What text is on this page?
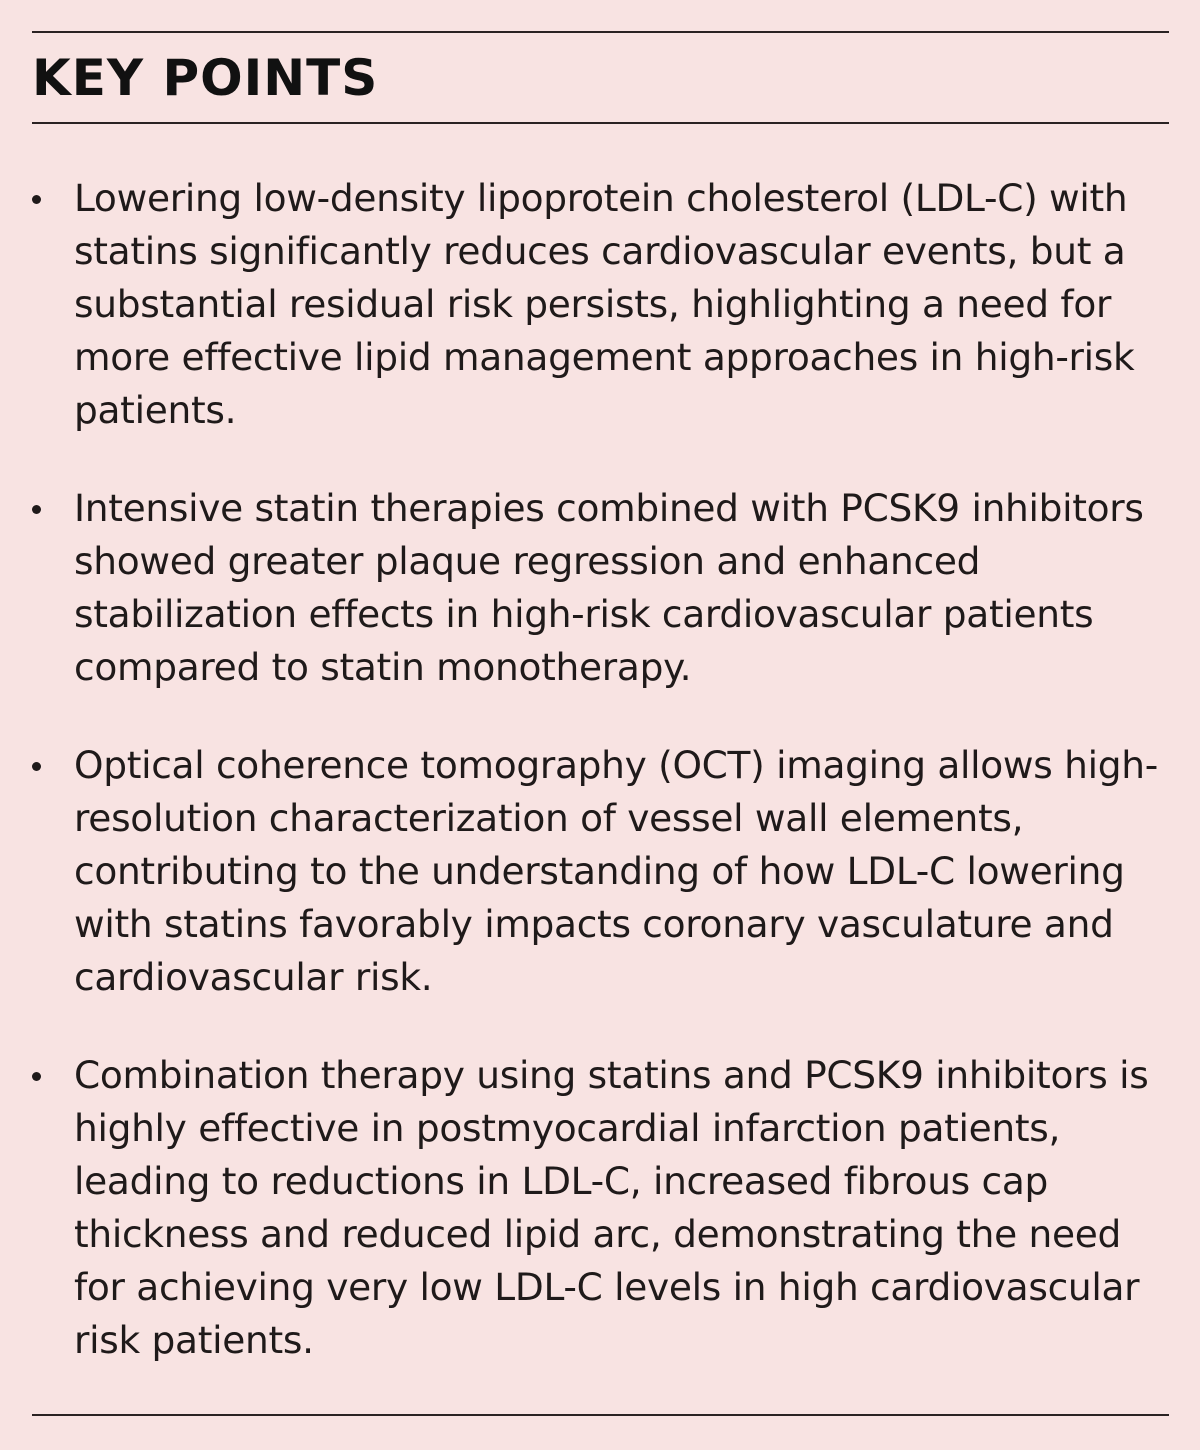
KEY POINTS
Lowering low-density lipoprotein cholesterol (LDL-C) with statins significantly reduces cardiovascular events, but a substantial residual risk persists, highlighting a need for more effective lipid management approaches in high-risk patients.
Intensive statin therapies combined with PCSK9 inhibitors showed greater plaque regression and enhanced stabilization effects in high-risk cardiovascular patients compared to statin monotherapy.
Optical coherence tomography (OCT) imaging allows high-resolution characterization of vessel wall elements, contributing to the understanding of how LDL-C lowering with statins favorably impacts coronary vasculature and cardiovascular risk.
Combination therapy using statins and PCSK9 inhibitors is highly effective in postmyocardial infarction patients, leading to reductions in LDL-C, increased fibrous cap thickness and reduced lipid arc, demonstrating the need for achieving very low LDL-C levels in high cardiovascular risk patients.
